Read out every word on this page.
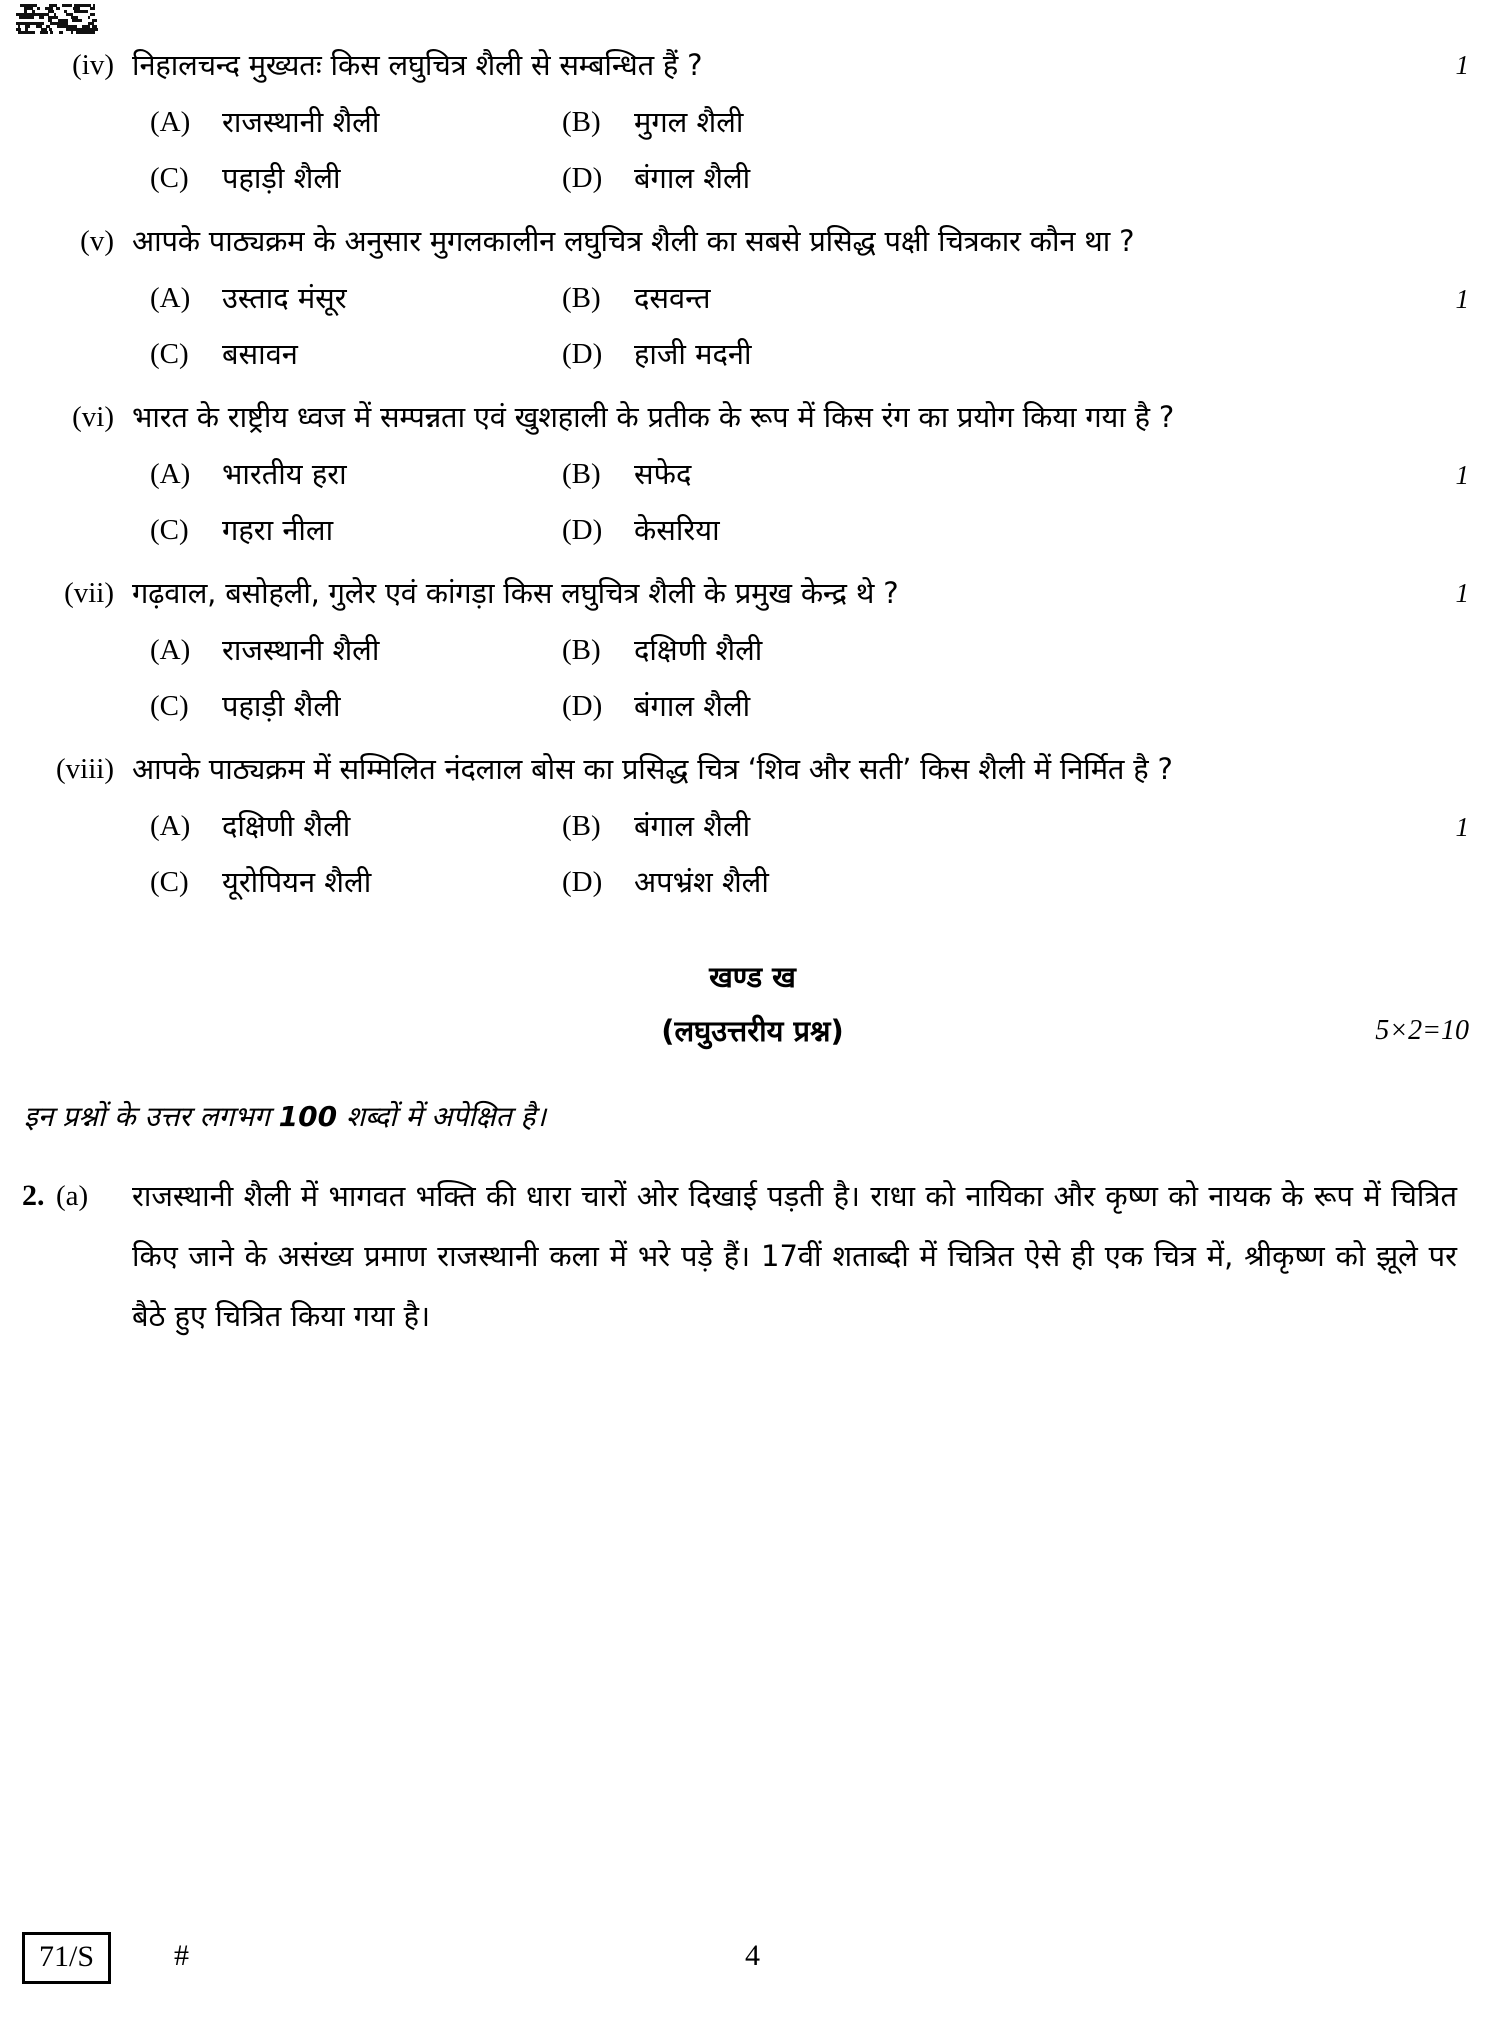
(iv) निहालचन्द मुख्यतः किस लघुचित्र शैली से सम्बन्धित हैं ?	1
(A)	राजस्थानी शैली	(B)	मुगल शैली
(C)	पहाड़ी शैली	(D)	बंगाल शैली
(v) आपके पाठ्यक्रम के अनुसार मुगलकालीन लघुचित्र शैली का सबसे प्रसिद्ध पक्षी चित्रकार कौन था ?
1
(A)	उस्ताद मंसूर	(B)	दसवन्त
(C)	बसावन	(D)	हाजी मदनी
(vi) भारत के राष्ट्रीय ध्वज में सम्पन्नता एवं खुशहाली के प्रतीक के रूप में किस रंग का प्रयोग किया गया है ?
1
(A)	भारतीय हरा	(B)	सफेद
(C)	गहरा नीला	(D)	केसरिया
(vii) गढ़वाल, बसोहली, गुलेर एवं कांगड़ा किस लघुचित्र शैली के प्रमुख केन्द्र थे ?	1
(A)	राजस्थानी शैली	(B)	दक्षिणी शैली
(C)	पहाड़ी शैली	(D)	बंगाल शैली
(viii) आपके पाठ्यक्रम में सम्मिलित नंदलाल बोस का प्रसिद्ध चित्र ‘शिव और सती’ किस शैली में निर्मित है ?
1
(A)	दक्षिणी शैली	(B)	बंगाल शैली
(C)	यूरोपियन शैली	(D)	अपभ्रंश शैली
खण्ड ख
(लघुउत्तरीय प्रश्न)	5×2=10
इन प्रश्नों के उत्तर लगभग 100 शब्दों में अपेक्षित है।
2. (a)	राजस्थानी शैली में भागवत भक्ति की धारा चारों ओर दिखाई पड़ती है। राधा को नायिका और कृष्ण को नायक के रूप में चित्रित किए जाने के असंख्य प्रमाण राजस्थानी कला में भरे पड़े हैं। 17वीं शताब्दी में चित्रित ऐसे ही एक चित्र में, श्रीकृष्ण को झूले पर बैठे हुए चित्रित किया गया है।
71/S	#	4
